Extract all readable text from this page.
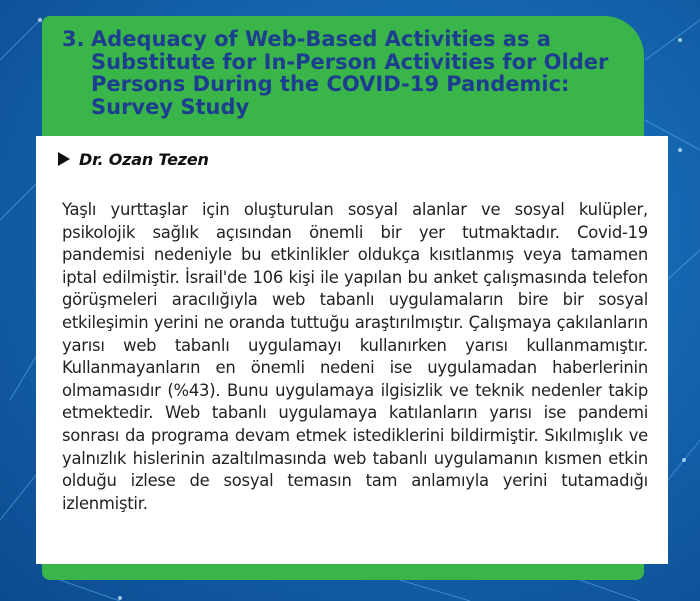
3. Adequacy of Web-Based Activities as a Substitute for In-Person Activities for Older Persons During the COVID-19 Pandemic: Survey Study
Dr. Ozan Tezen

Yaşlı yurttaşlar için oluşturulan sosyal alanlar ve sosyal kulüpler, psikolojik sağlık açısından önemli bir yer tutmaktadır. Covid-19 pandemisi nedeniyle bu etkinlikler oldukça kısıtlanmış veya tamamen iptal edilmiştir. İsrail'de 106 kişi ile yapılan bu anket çalışmasında telefon görüşmeleri aracılığıyla web tabanlı uygulamaların bire bir sosyal etkileşimin yerini ne oranda tuttuğu araştırılmıştır. Çalışmaya çakılanların yarısı web tabanlı uygulamayı kullanırken yarısı kullanmamıştır. Kullanmayanların en önemli nedeni ise uygulamadan haberlerinin olmamasıdır (%43). Bunu uygulamaya ilgisizlik ve teknik nedenler takip etmektedir. Web tabanlı uygulamaya katılanların yarısı ise pandemi sonrası da programa devam etmek istediklerini bildirmiştir. Sıkılmışlık ve yalnızlık hislerinin azaltılmasında web tabanlı uygulamanın kısmen etkin olduğu izlese de sosyal temasın tam anlamıyla yerini tutamadığı izlenmiştir.
